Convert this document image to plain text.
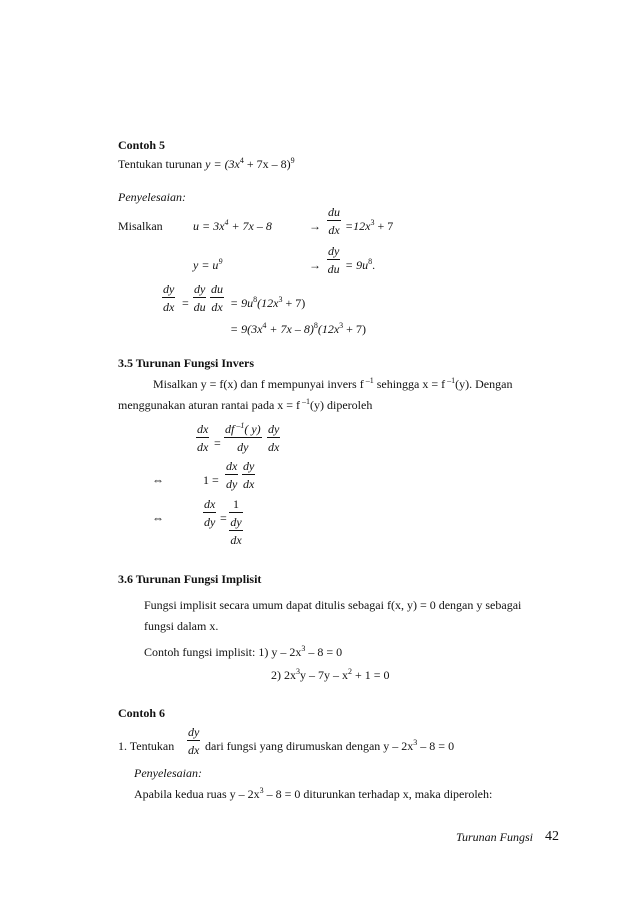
Contoh 5
Tentukan turunan $y = (3x^4 + 7x - 8)^9$
Penyelesaian:
Misalkan	$u = 3x^4 + 7x - 8$	→ $\frac{du}{dx} =12x^3 + 7$
$y = u^9$	→ $\frac{dy}{du} = 9u^8$.
$\frac{dy}{dx} = \frac{dy}{du} \frac{du}{dx} = 9u^8(12x^3 + 7)$
= $9(3x^4 + 7x - 8)^8(12x^3 + 7)$
3.5 Turunan Fungsi Invers
Misalkan y = f(x) dan f mempunyai invers f $^{-1}$ sehingga x = f $^{-1}$(y). Dengan
menggunakan aturan rantai pada x = f $^{-1}$(y) diperoleh
$\frac{dx}{dx} = \frac{df ^{-1}( y)}{dy} \frac{dy}{dx}$
⇔	$1 = \frac{dx}{dy} \frac{dy}{dx}$
⇔	$\frac{dx}{dy} = \frac{1}{\frac{dy}{dx}}$
3.6 Turunan Fungsi Implisit
Fungsi implisit secara umum dapat ditulis sebagai f(x, y) = 0 dengan y sebagai
fungsi dalam x.
Contoh fungsi implisit: 1) $y - 2x^3 - 8 = 0$
2) $2x^3y - 7y - x^2 + 1 = 0$
Contoh 6
1. Tentukan $\frac{dy}{dx}$ dari fungsi yang dirumuskan dengan $y - 2x^3 - 8 = 0$
Penyelesaian:
Apabila kedua ruas $y - 2x^3 - 8 = 0$ diturunkan terhadap x, maka diperoleh:
Turunan Fungsi 42
